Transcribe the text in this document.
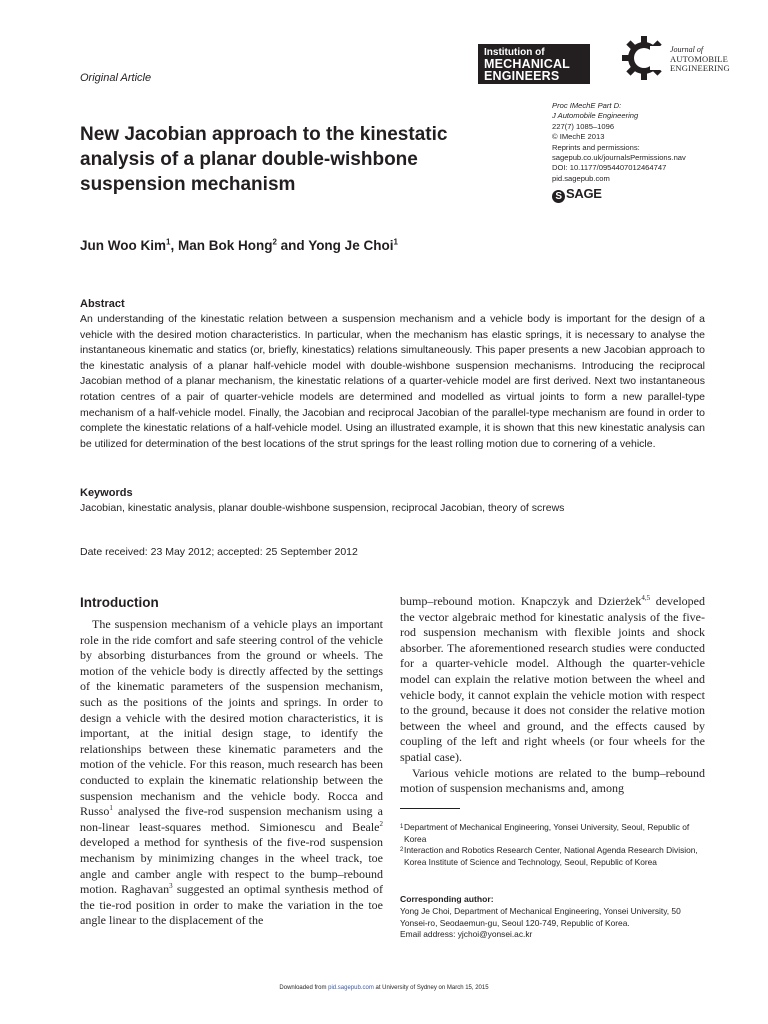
Original Article
Institution of
MECHANICAL
ENGINEERS
Journal of
AUTOMOBILE
ENGINEERING
Proc IMechE Part D:
J Automobile Engineering
227(7) 1085–1096
© IMechE 2013
Reprints and permissions:
sagepub.co.uk/journalsPermissions.nav
DOI: 10.1177/0954407012464747
pid.sagepub.com
S SAGE
New Jacobian approach to the kinestatic analysis of a planar double-wishbone suspension mechanism
Jun Woo Kim$^1$, Man Bok Hong$^2$ and Yong Je Choi$^1$
Abstract
An understanding of the kinestatic relation between a suspension mechanism and a vehicle body is important for the design of a vehicle with the desired motion characteristics. In particular, when the mechanism has elastic springs, it is necessary to analyse the instantaneous kinematic and statics (or, briefly, kinestatics) relations simultaneously. This paper presents a new Jacobian approach to the kinestatic analysis of a planar half-vehicle model with double-wishbone suspension mechanisms. Introducing the reciprocal Jacobian method of a planar mechanism, the kinestatic relations of a quarter-vehicle model are first derived. Next two instantaneous rotation centres of a pair of quarter-vehicle models are determined and modelled as virtual joints to form a new parallel-type mechanism of a half-vehicle model. Finally, the Jacobian and reciprocal Jacobian of the parallel-type mechanism are found in order to complete the kinestatic relations of a half-vehicle model. Using an illustrated example, it is shown that this new kinestatic analysis can be utilized for determination of the best locations of the strut springs for the least rolling motion due to cornering of a vehicle.
Keywords
Jacobian, kinestatic analysis, planar double-wishbone suspension, reciprocal Jacobian, theory of screws
Date received: 23 May 2012; accepted: 25 September 2012
Introduction
The suspension mechanism of a vehicle plays an important role in the ride comfort and safe steering control of the vehicle by absorbing disturbances from the ground or wheels. The motion of the vehicle body is directly affected by the settings of the kinematic parameters of the suspension mechanism, such as the positions of the joints and springs. In order to design a vehicle with the desired motion characteristics, it is important, at the initial design stage, to identify the relationships between these kinematic parameters and the motion of the vehicle. For this reason, much research has been conducted to explain the kinematic relationship between the suspension mechanism and the vehicle body. Rocca and Russo$^1$ analysed the five-rod suspension mechanism using a non-linear least-squares method. Simionescu and Beale$^2$ developed a method for synthesis of the five-rod suspension mechanism by minimizing changes in the wheel track, toe angle and camber angle with respect to the bump–rebound motion. Raghavan$^3$ suggested an optimal synthesis method of the tie-rod position in order to make the variation in the toe angle linear to the displacement of the

bump–rebound motion. Knapczyk and Dzierżek$^{4,5}$ developed the vector algebraic method for kinestatic analysis of the five-rod suspension mechanism with flexible joints and shock absorber. The aforementioned research studies were conducted for a quarter-vehicle model. Although the quarter-vehicle model can explain the relative motion between the wheel and vehicle body, it cannot explain the vehicle motion with respect to the ground, because it does not consider the relative motion between the wheel and ground, and the effects caused by coupling of the left and right wheels (or four wheels for the spatial case).

Various vehicle motions are related to the bump–rebound motion of suspension mechanisms and, among

1 Department of Mechanical Engineering, Yonsei University, Seoul, Republic of Korea
2 Interaction and Robotics Research Center, National Agenda Research Division, Korea Institute of Science and Technology, Seoul, Republic of Korea
Corresponding author:
Yong Je Choi, Department of Mechanical Engineering, Yonsei University, 50 Yonsei-ro, Seodaemun-gu, Seoul 120-749, Republic of Korea.
Email address: yjchoi@yonsei.ac.kr
Downloaded from pid.sagepub.com at University of Sydney on March 15, 2015
